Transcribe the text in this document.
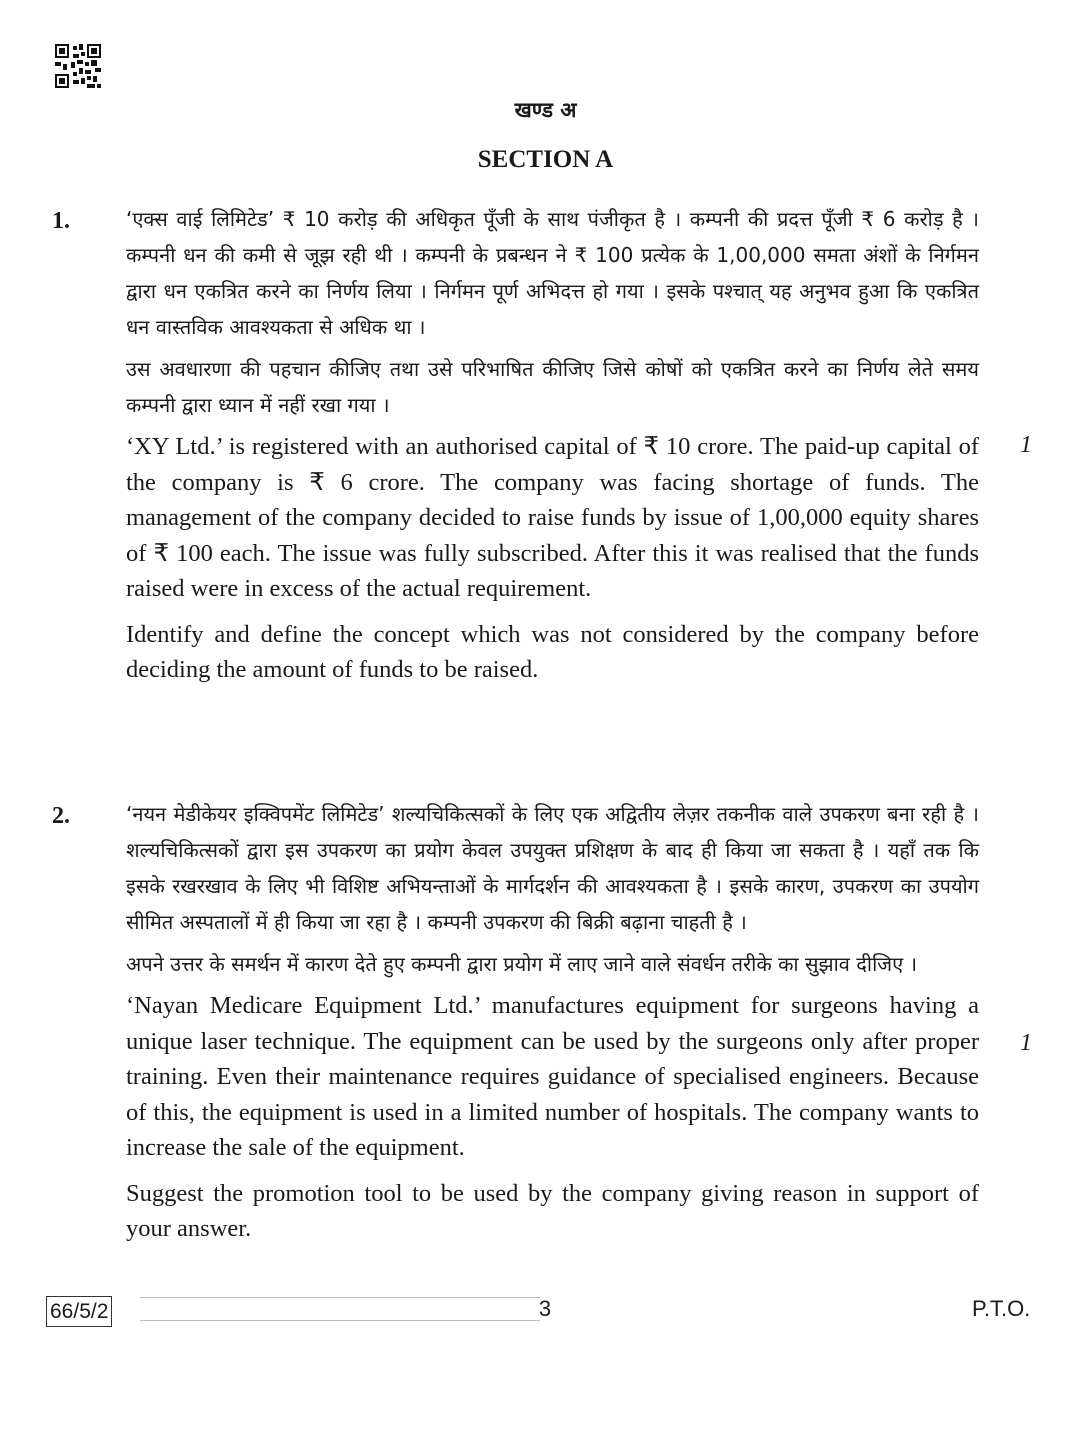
खण्ड अ
SECTION A
1.
1

‘एक्स वाई लिमिटेड’ ₹ 10 करोड़ की अधिकृत पूँजी के साथ पंजीकृत है । कम्पनी की प्रदत्त पूँजी ₹ 6 करोड़ है । कम्पनी धन की कमी से जूझ रही थी । कम्पनी के प्रबन्धन ने ₹ 100 प्रत्येक के 1,00,000 समता अंशों के निर्गमन द्वारा धन एकत्रित करने का निर्णय लिया । निर्गमन पूर्ण अभिदत्त हो गया । इसके पश्चात् यह अनुभव हुआ कि एकत्रित धन वास्तविक आवश्यकता से अधिक था ।

उस अवधारणा की पहचान कीजिए तथा उसे परिभाषित कीजिए जिसे कोषों को एकत्रित करने का निर्णय लेते समय कम्पनी द्वारा ध्यान में नहीं रखा गया ।

‘XY Ltd.’ is registered with an authorised capital of ₹ 10 crore. The paid-up capital of the company is ₹ 6 crore. The company was facing shortage of funds. The management of the company decided to raise funds by issue of 1,00,000 equity shares of ₹ 100 each. The issue was fully subscribed. After this it was realised that the funds raised were in excess of the actual requirement.

Identify and define the concept which was not considered by the company before deciding the amount of funds to be raised.

2.
1

‘नयन मेडीकेयर इक्विपमेंट लिमिटेड’ शल्यचिकित्सकों के लिए एक अद्वितीय लेज़र तकनीक वाले उपकरण बना रही है । शल्यचिकित्सकों द्वारा इस उपकरण का प्रयोग केवल उपयुक्त प्रशिक्षण के बाद ही किया जा सकता है । यहाँ तक कि इसके रखरखाव के लिए भी विशिष्ट अभियन्ताओं के मार्गदर्शन की आवश्यकता है । इसके कारण, उपकरण का उपयोग सीमित अस्पतालों में ही किया जा रहा है । कम्पनी उपकरण की बिक्री बढ़ाना चाहती है ।

अपने उत्तर के समर्थन में कारण देते हुए कम्पनी द्वारा प्रयोग में लाए जाने वाले संवर्धन तरीके का सुझाव दीजिए ।

‘Nayan Medicare Equipment Ltd.’ manufactures equipment for surgeons having a unique laser technique. The equipment can be used by the surgeons only after proper training. Even their maintenance requires guidance of specialised engineers. Because of this, the equipment is used in a limited number of hospitals. The company wants to increase the sale of the equipment.

Suggest the promotion tool to be used by the company giving reason in support of your answer.

66/5/2	3	P.T.O.
